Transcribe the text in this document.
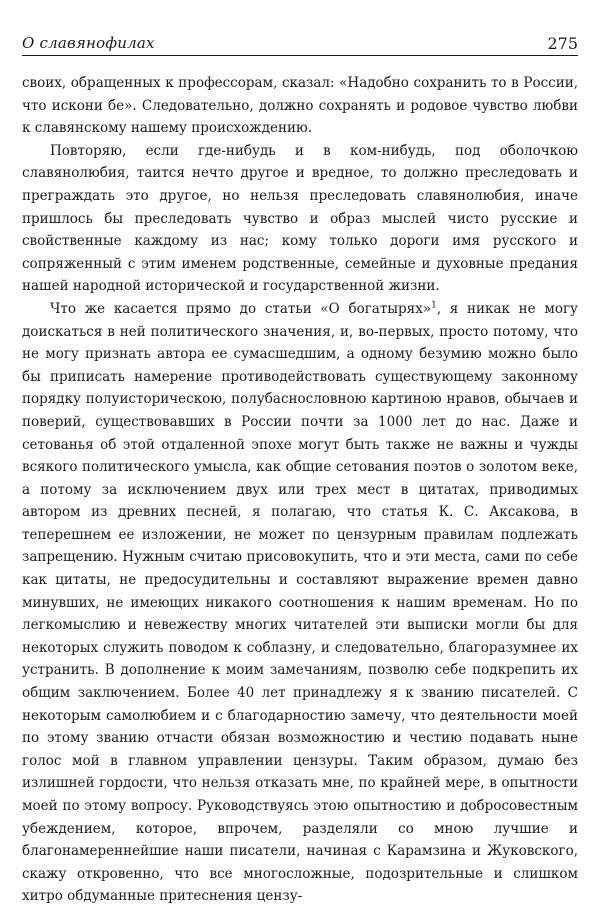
О славянофилах	275

своих, обращенных к профессорам, сказал: «Надобно сохранить то в России, что искони бе». Следовательно, должно сохранять и родовое чувство любви к славянскому нашему происхождению.

Повторяю, если где-нибудь и в ком-нибудь, под оболочкою славянолюбия, таится нечто другое и вредное, то должно преследовать и преграждать это другое, но нельзя преследовать славянолюбия, иначе пришлось бы преследовать чувство и образ мыслей чисто русские и свойственные каждому из нас; кому только дороги имя русского и сопряженный с этим именем родственные, семейные и духовные предания нашей народной исторической и государственной жизни.

Что же касается прямо до статьи «О богатырях»$^1$, я никак не могу доискаться в ней политического значения, и, во-первых, просто потому, что не могу признать автора ее сумасшедшим, а одному безумию можно было бы приписать намерение противодействовать существующему законному порядку полуисторическою, полубаснословною картиною нравов, обычаев и поверий, существовавших в России почти за 1000 лет до нас. Даже и сетованья об этой отдаленной эпохе могут быть также не важны и чужды всякого политического умысла, как общие сетования поэтов о золотом веке, а потому за исключением двух или трех мест в цитатах, приводимых автором из древних песней, я полагаю, что статья К. С. Аксакова, в теперешнем ее изложении, не может по цензурным правилам подлежать запрещению. Нужным считаю присовокупить, что и эти места, сами по себе как цитаты, не предосудительны и составляют выражение времен давно минувших, не имеющих никакого соотношения к нашим временам. Но по легкомыслию и невежеству многих читателей эти выписки могли бы для некоторых служить поводом к соблазну, и следовательно, благоразумнее их устранить. В дополнение к моим замечаниям, позволю себе подкрепить их общим заключением. Более 40 лет принадлежу я к званию писателей. С некоторым самолюбием и с благодарностию замечу, что деятельности моей по этому званию отчасти обязан возможностию и честию подавать ныне голос мой в главном управлении цензуры. Таким образом, думаю без излишней гордости, что нельзя отказать мне, по крайней мере, в опытности моей по этому вопросу. Руководствуясь этою опытностию и добросовестным убеждением, которое, впрочем, разделяли со мною лучшие и благонамереннейшие наши писатели, начиная с Карамзина и Жуковского, скажу откровенно, что все многосложные, подозрительные и слишком хитро обдуманные притеснения цензу-
